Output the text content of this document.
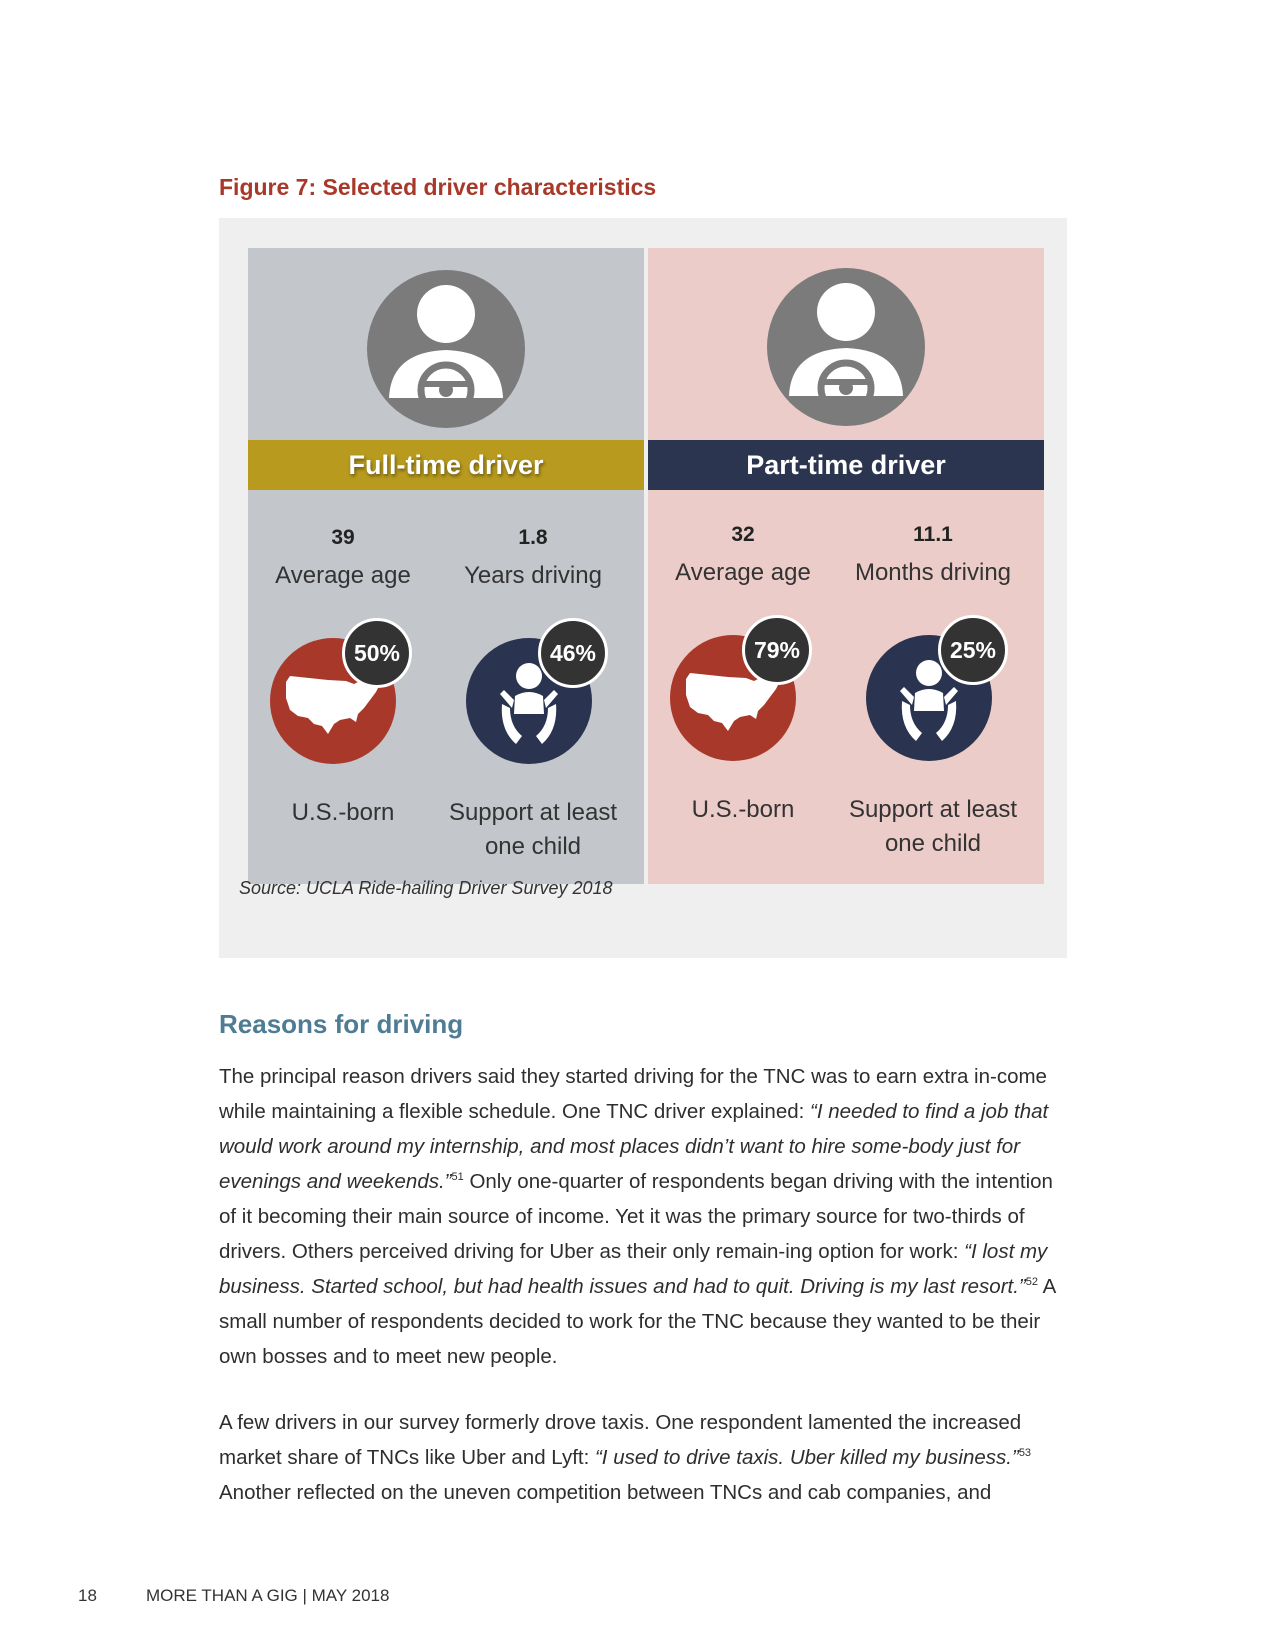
Figure 7: Selected driver characteristics
Full-time driver
39
Average age
1.8
Years driving
50%	46%
U.S.-born	Support at least
one child
Part-time driver
32
Average age
11.1
Months driving
79%	25%
U.S.-born	Support at least
one child
Source: UCLA Ride-hailing Driver Survey 2018
Reasons for driving

The principal reason drivers said they started driving for the TNC was to earn extra in-come while maintaining a flexible schedule. One TNC driver explained: “I needed to find a job that would work around my internship, and most places didn’t want to hire some-body just for evenings and weekends.”$^{51}$ Only one-quarter of respondents began driving with the intention of it becoming their main source of income. Yet it was the primary source for two-thirds of drivers. Others perceived driving for Uber as their only remain-ing option for work: “I lost my business. Started school, but had health issues and had to quit. Driving is my last resort.”$^{52}$ A small number of respondents decided to work for the TNC because they wanted to be their own bosses and to meet new people.

A few drivers in our survey formerly drove taxis. One respondent lamented the increased market share of TNCs like Uber and Lyft: “I used to drive taxis. Uber killed my business.”$^{53}$ Another reflected on the uneven competition between TNCs and cab companies, and

18	MORE THAN A GIG | MAY 2018
